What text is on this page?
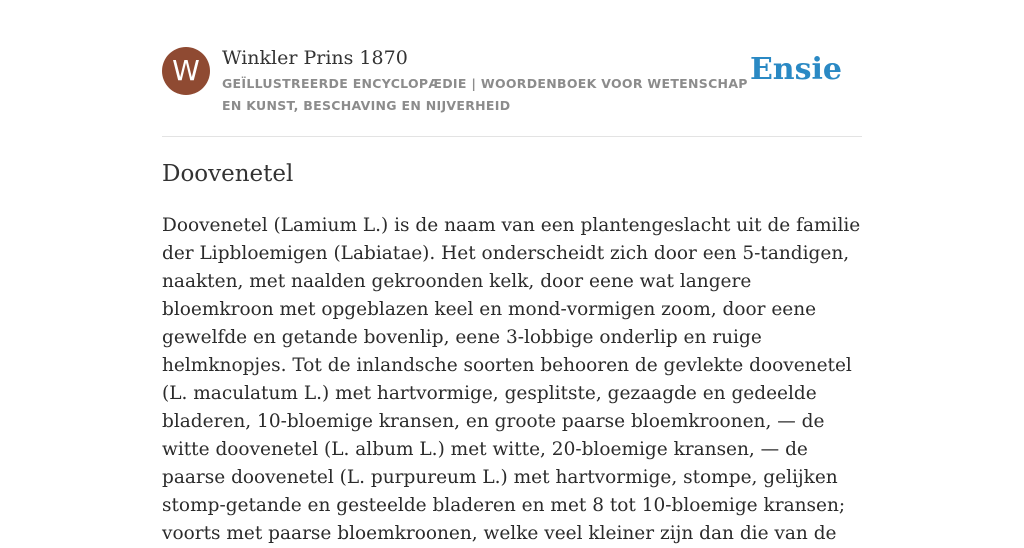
W	Winkler Prins 1870
GEÏLLUSTREERDE ENCYCLOPÆDIE | WOORDENBOEK VOOR WETENSCHAP EN KUNST, BESCHAVING EN NIJVERHEID
Ensie
Doovenetel

Doovenetel (Lamium L.) is de naam van een plantengeslacht uit de familie der Lipbloemigen (Labiatae). Het onderscheidt zich door een 5-tandigen, naakten, met naalden gekroonden kelk, door eene wat langere bloemkroon met opgeblazen keel en mond-vormigen zoom, door eene gewelfde en getande bovenlip, eene 3-lobbige onderlip en ruige helmknopjes. Tot de inlandsche soorten behooren de gevlekte doovenetel (L. maculatum L.) met hartvormige, gesplitste, gezaagde en gedeelde bladeren, 10-bloemige kransen, en groote paarse bloemkroonen, — de witte doovenetel (L. album L.) met witte, 20-bloemige kransen, — de paarse doovenetel (L. purpureum L.) met hartvormige, stompe, gelijken stomp-getande en gesteelde bladeren en met 8 tot 10-bloemige kransen; voorts met paarse bloemkroonen, welke veel kleiner zijn dan die van de
